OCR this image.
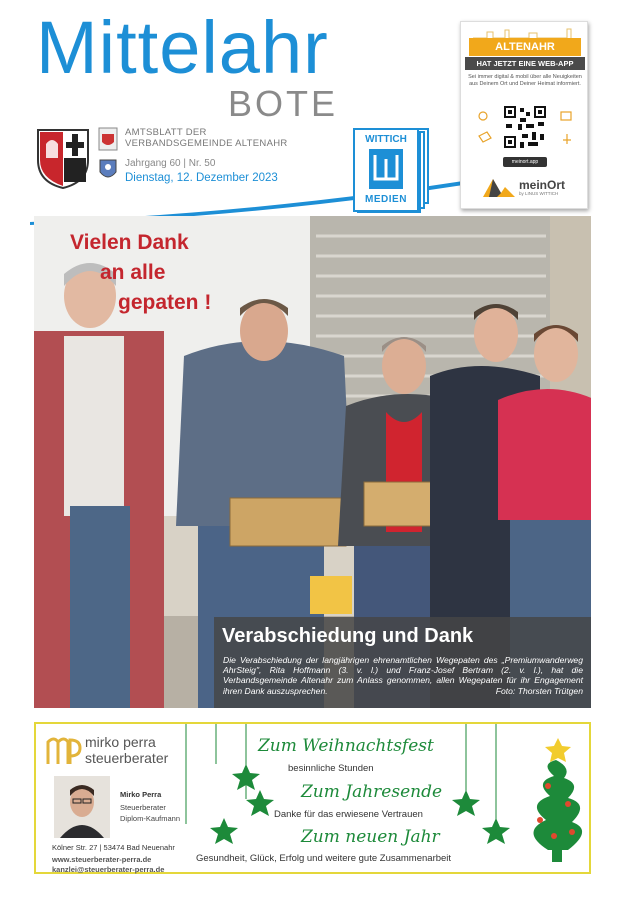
Mittelahr
BOTE
AMTSBLATT DER
VERBANDSGEMEINDE ALTENAHR
Jahrgang 60 | Nr. 50
Dienstag, 12. Dezember 2023
WITTICH
MEDIEN
ALTENAHR
HAT JETZT EINE WEB-APP
Sei immer digital & mobil über alle Neuigkeiten aus Deinem Ort und Deiner Heimat informiert.
meinort.app
meinOrt
by LINUS WITTICH
Vielen Dank
an alle
gepaten !
Verabschiedung und Dank
Die Verabschiedung der langjährigen ehrenamtlichen Wegepaten des „Premiumwanderweg AhrSteig", Rita Hoffmann (3. v. l.) und Franz-Josef Bertram (2. v. l.), hat die Verbandsgemeinde Altenahr zum Anlass genommen, allen Wegepaten für ihr Engagement ihren Dank auszusprechen.	Foto: Thorsten Trütgen
mirko perra
steuerberater
Mirko Perra
Steuerberater
Diplom-Kaufmann
Kölner Str. 27 | 53474 Bad Neuenahr
www.steuerberater-perra.de
kanzlei@steuerberater-perra.de
Zum Weihnachtsfest
besinnliche Stunden
Zum Jahresende
Danke für das erwiesene Vertrauen
Zum neuen Jahr
Gesundheit, Glück, Erfolg und weitere gute Zusammenarbeit
